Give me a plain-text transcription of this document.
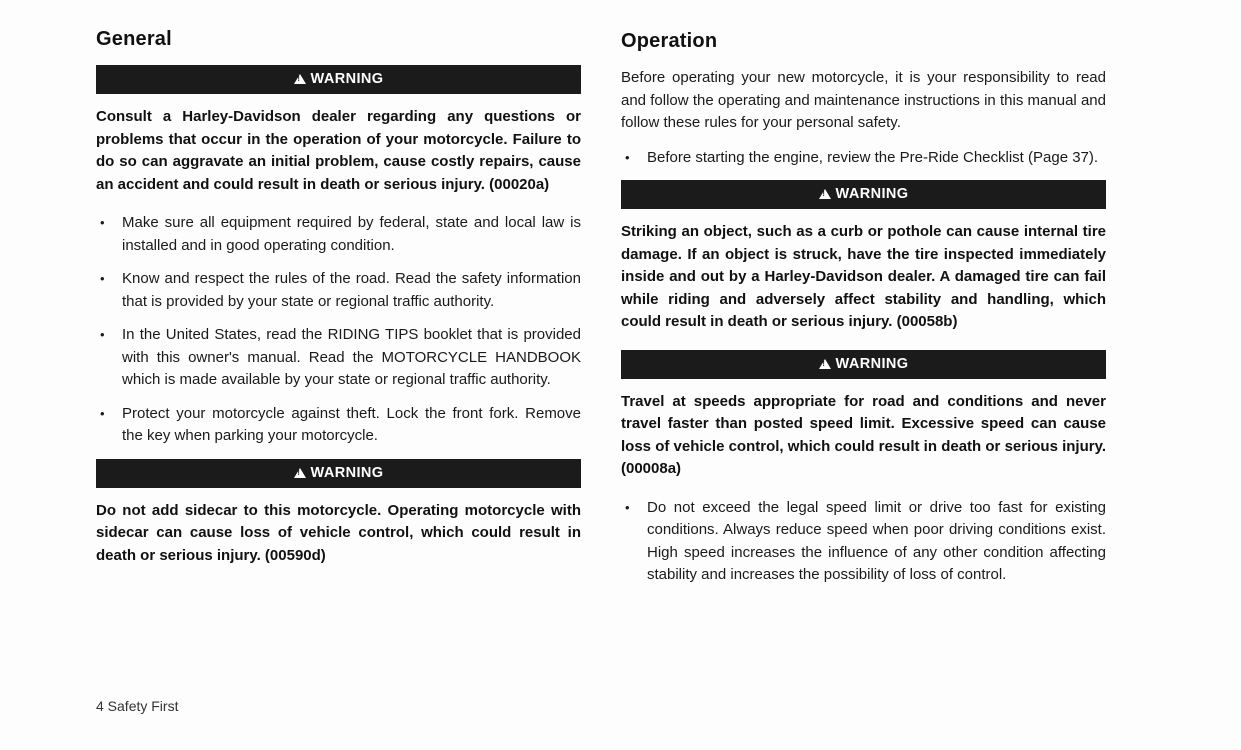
General
!WARNING

Consult a Harley-Davidson dealer regarding any questions or problems that occur in the operation of your motorcycle. Failure to do so can aggravate an initial problem, cause costly repairs, cause an accident and could result in death or serious injury. (00020a)

• Make sure all equipment required by federal, state and local law is installed and in good operating condition.
• Know and respect the rules of the road. Read the safety information that is provided by your state or regional traffic authority.
• In the United States, read the RIDING TIPS booklet that is provided with this owner's manual. Read the MOTORCYCLE HANDBOOK which is made available by your state or regional traffic authority.
• Protect your motorcycle against theft. Lock the front fork. Remove the key when parking your motorcycle.
!WARNING

Do not add sidecar to this motorcycle. Operating motorcycle with sidecar can cause loss of vehicle control, which could result in death or serious injury. (00590d)

Operation

Before operating your new motorcycle, it is your responsibility to read and follow the operating and maintenance instructions in this manual and follow these rules for your personal safety.

• Before starting the engine, review the Pre-Ride Checklist (Page 37).
!WARNING

Striking an object, such as a curb or pothole can cause internal tire damage. If an object is struck, have the tire inspected immediately inside and out by a Harley-Davidson dealer. A damaged tire can fail while riding and adversely affect stability and handling, which could result in death or serious injury. (00058b)

!WARNING

Travel at speeds appropriate for road and conditions and never travel faster than posted speed limit. Excessive speed can cause loss of vehicle control, which could result in death or serious injury. (00008a)

• Do not exceed the legal speed limit or drive too fast for existing conditions. Always reduce speed when poor driving conditions exist. High speed increases the influence of any other condition affecting stability and increases the possibility of loss of control.
4 Safety First
